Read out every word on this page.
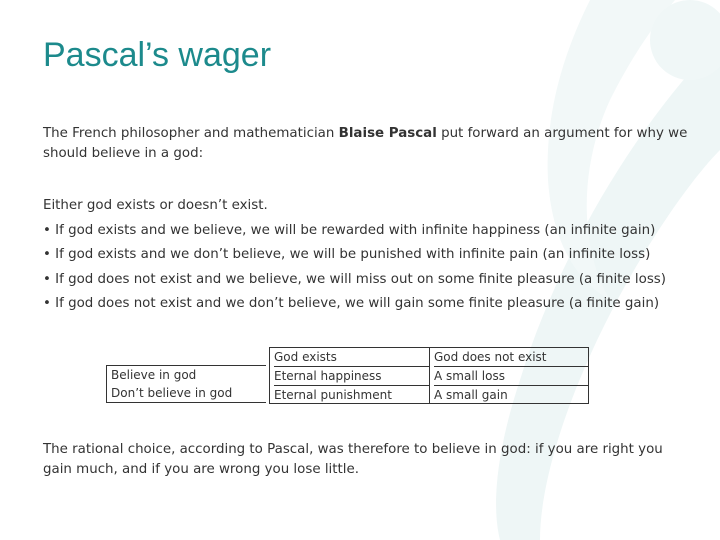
Pascal’s wager

The French philosopher and mathematician Blaise Pascal put forward an argument for why we should believe in a god:

Either god exists or doesn’t exist.

• If god exists and we believe, we will be rewarded with infinite happiness (an infinite gain)

• If god exists and we don’t believe, we will be punished with infinite pain (an infinite loss)

• If god does not exist and we believe, we will miss out on some finite pleasure (a finite loss)

• If god does not exist and we don’t believe, we will gain some finite pleasure (a finite gain)

Believe in god
Don’t believe in god
God exists
Eternal happiness
Eternal punishment
God does not exist
A small loss
A small gain

The rational choice, according to Pascal, was therefore to believe in god: if you are right you gain much, and if you are wrong you lose little.
